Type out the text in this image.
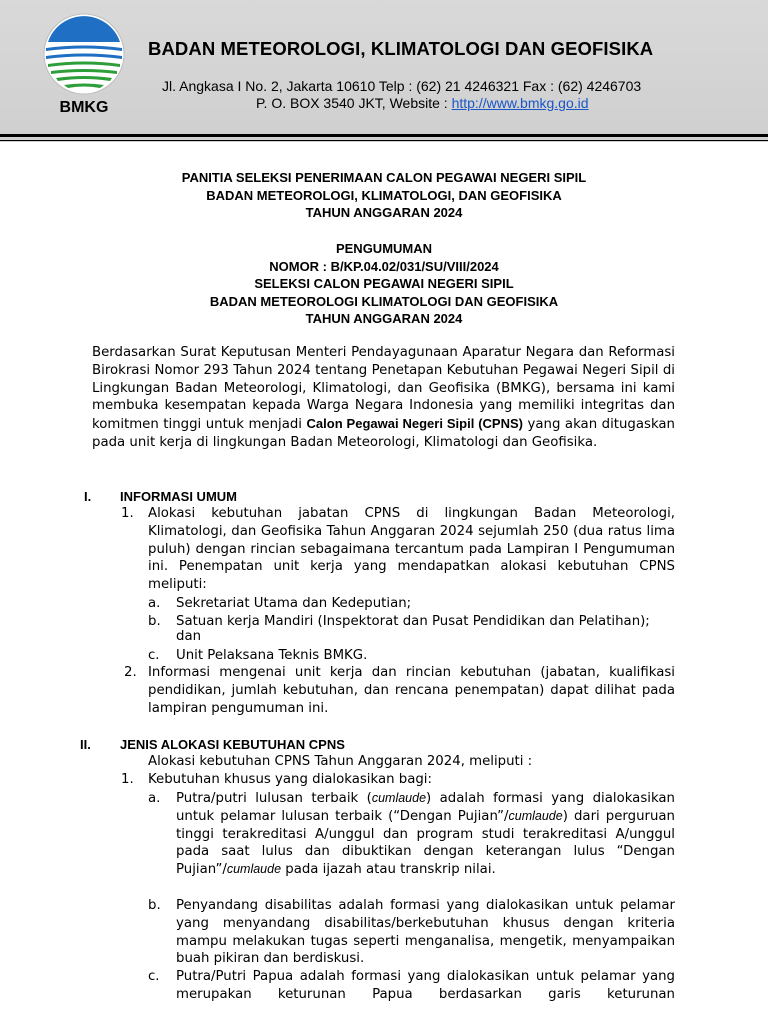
BMKG
BADAN METEOROLOGI, KLIMATOLOGI DAN GEOFISIKA
Jl. Angkasa I No. 2, Jakarta 10610 Telp : (62) 21 4246321 Fax : (62) 4246703
P. O. BOX 3540 JKT, Website : http://www.bmkg.go.id
PANITIA SELEKSI PENERIMAAN CALON PEGAWAI NEGERI SIPIL
BADAN METEOROLOGI, KLIMATOLOGI, DAN GEOFISIKA
TAHUN ANGGARAN 2024
PENGUMUMAN
NOMOR : B/KP.04.02/031/SU/VIII/2024
SELEKSI CALON PEGAWAI NEGERI SIPIL
BADAN METEOROLOGI KLIMATOLOGI DAN GEOFISIKA
TAHUN ANGGARAN 2024
Berdasarkan Surat Keputusan Menteri Pendayagunaan Aparatur Negara dan Reformasi Birokrasi Nomor 293 Tahun 2024 tentang Penetapan Kebutuhan Pegawai Negeri Sipil di Lingkungan Badan Meteorologi, Klimatologi, dan Geofisika (BMKG), bersama ini kami membuka kesempatan kepada Warga Negara Indonesia yang memiliki integritas dan komitmen tinggi untuk menjadi Calon Pegawai Negeri Sipil (CPNS) yang akan ditugaskan pada unit kerja di lingkungan Badan Meteorologi, Klimatologi dan Geofisika.
I. INFORMASI UMUM
1. Alokasi kebutuhan jabatan CPNS di lingkungan Badan Meteorologi, Klimatologi, dan Geofisika Tahun Anggaran 2024 sejumlah 250 (dua ratus lima puluh) dengan rincian sebagaimana tercantum pada Lampiran I Pengumuman ini. Penempatan unit kerja yang mendapatkan alokasi kebutuhan CPNS meliputi:
a. Sekretariat Utama dan Kedeputian;
b. Satuan kerja Mandiri (Inspektorat dan Pusat Pendidikan dan Pelatihan);
dan
c. Unit Pelaksana Teknis BMKG.
2. Informasi mengenai unit kerja dan rincian kebutuhan (jabatan, kualifikasi pendidikan, jumlah kebutuhan, dan rencana penempatan) dapat dilihat pada lampiran pengumuman ini.
II. JENIS ALOKASI KEBUTUHAN CPNS
Alokasi kebutuhan CPNS Tahun Anggaran 2024, meliputi :
1. Kebutuhan khusus yang dialokasikan bagi:
a. Putra/putri lulusan terbaik (cumlaude) adalah formasi yang dialokasikan untuk pelamar lulusan terbaik (“Dengan Pujian”/cumlaude) dari perguruan tinggi terakreditasi A/unggul dan program studi terakreditasi A/unggul pada saat lulus dan dibuktikan dengan keterangan lulus “Dengan Pujian”/cumlaude pada ijazah atau transkrip nilai.
b. Penyandang disabilitas adalah formasi yang dialokasikan untuk pelamar yang menyandang disabilitas/berkebutuhan khusus dengan kriteria mampu melakukan tugas seperti menganalisa, mengetik, menyampaikan buah pikiran dan berdiskusi.
c. Putra/Putri Papua adalah formasi yang dialokasikan untuk pelamar yang merupakan keturunan Papua berdasarkan garis keturunan
